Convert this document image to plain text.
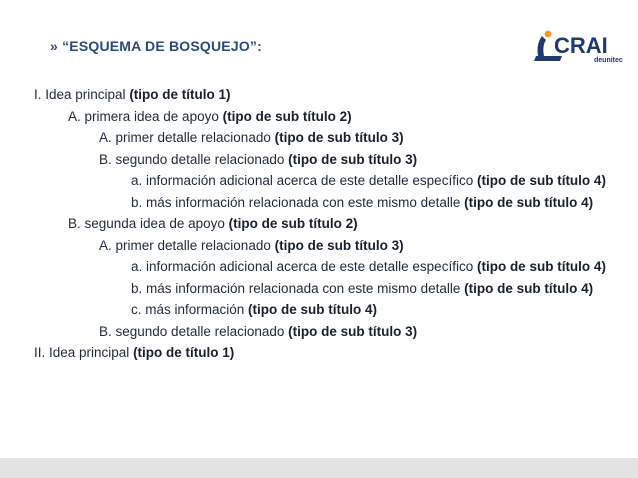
» “ESQUEMA DE BOSQUEJO”:	CRAI
deunitec
I. Idea principal (tipo de título 1)
A. primera idea de apoyo (tipo de sub título 2)
A. primer detalle relacionado (tipo de sub título 3)
B. segundo detalle relacionado (tipo de sub título 3)
a. información adicional acerca de este detalle específico (tipo de sub título 4)
b. más información relacionada con este mismo detalle (tipo de sub título 4)
B. segunda idea de apoyo (tipo de sub título 2)
A. primer detalle relacionado (tipo de sub título 3)
a. información adicional acerca de este detalle específico (tipo de sub título 4)
b. más información relacionada con este mismo detalle (tipo de sub título 4)
c. más información (tipo de sub título 4)
B. segundo detalle relacionado (tipo de sub título 3)
II. Idea principal (tipo de título 1)
